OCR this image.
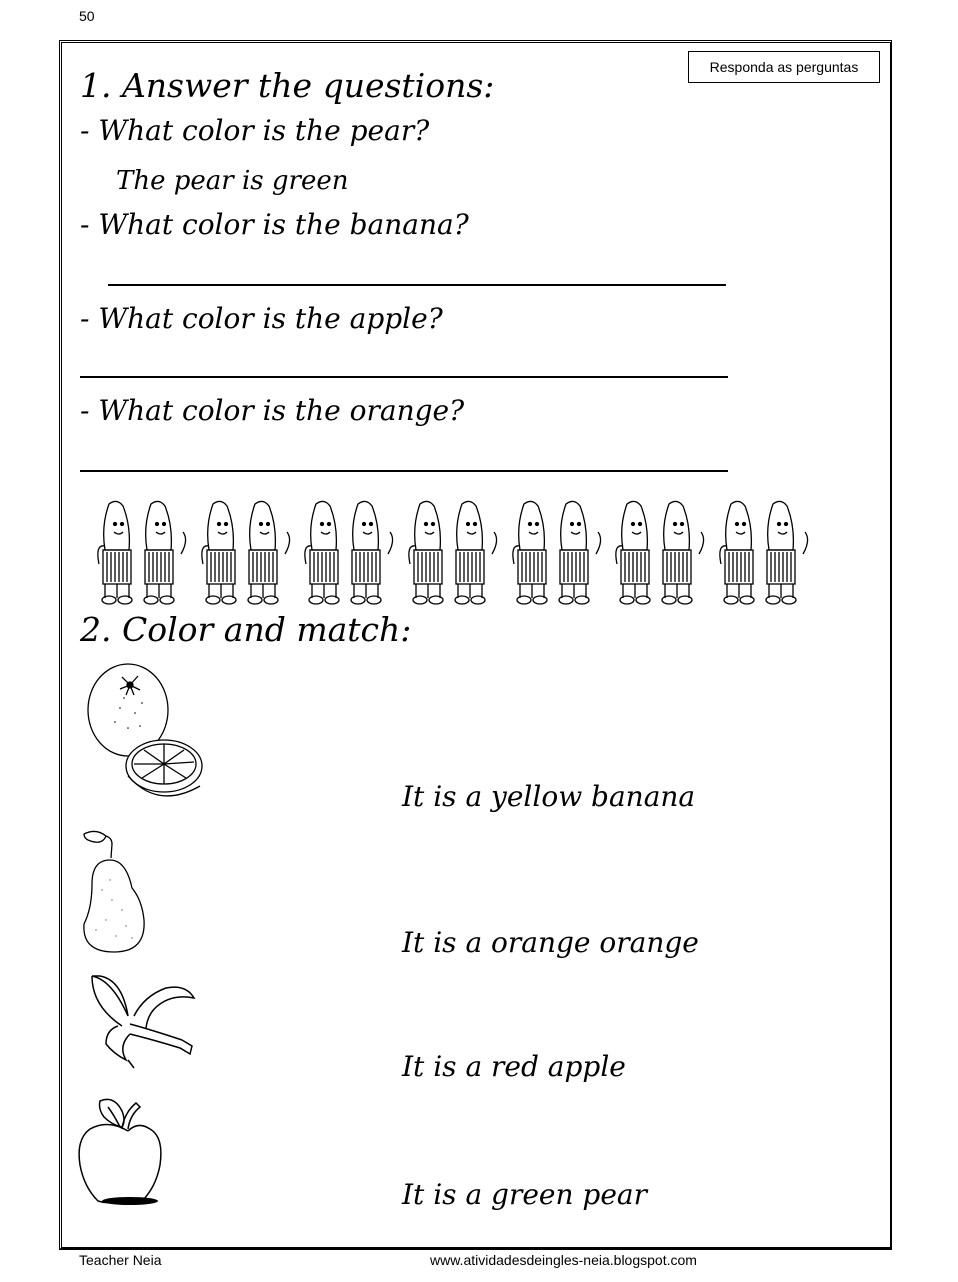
50
Responda as perguntas
1. Answer the questions:
- What color is the pear?
The pear is green
- What color is the banana?
- What color is the apple?
- What color is the orange?
2. Color and match:
It is a yellow banana
It is a orange orange
It is a red apple
It is a green pear
Teacher Neia	www.atividadesdeingles-neia.blogspot.com
